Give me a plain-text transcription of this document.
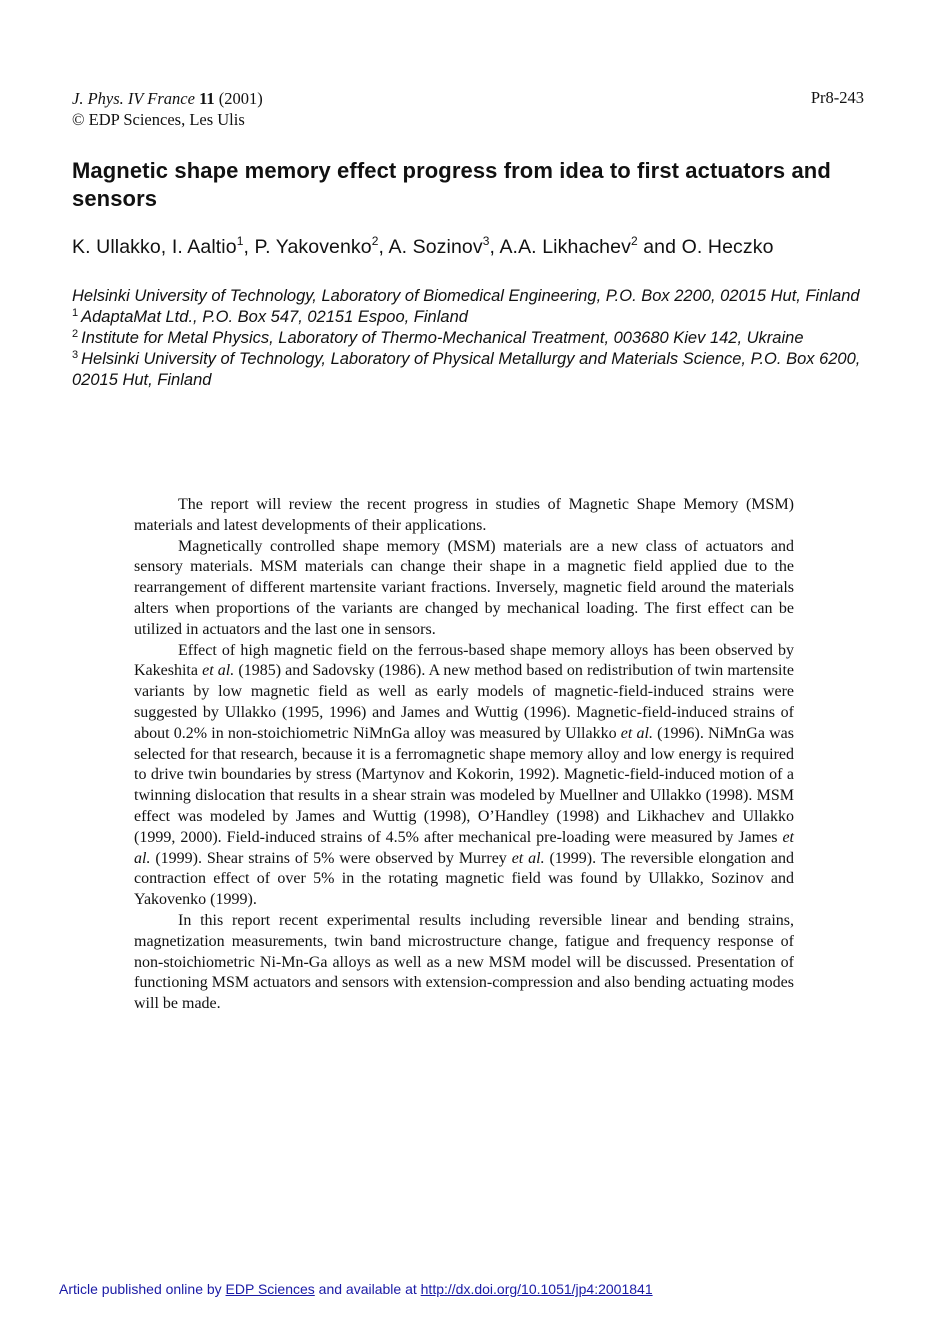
J. Phys. IV France 11 (2001)
© EDP Sciences, Les Ulis
Pr8-243
Magnetic shape memory effect progress from idea to first actuators and sensors
K. Ullakko, I. Aaltio$^1$, P. Yakovenko$^2$, A. Sozinov$^3$, A.A. Likhachev$^2$ and O. Heczko

Helsinki University of Technology, Laboratory of Biomedical Engineering, P.O. Box 2200, 02015 Hut, Finland

$^1$ AdaptaMat Ltd., P.O. Box 547, 02151 Espoo, Finland

$^2$ Institute for Metal Physics, Laboratory of Thermo-Mechanical Treatment, 003680 Kiev 142, Ukraine

$^3$ Helsinki University of Technology, Laboratory of Physical Metallurgy and Materials Science, P.O. Box 6200, 02015 Hut, Finland

The report will review the recent progress in studies of Magnetic Shape Memory (MSM) materials and latest developments of their applications.

Magnetically controlled shape memory (MSM) materials are a new class of actuators and sensory materials. MSM materials can change their shape in a magnetic field applied due to the rearrangement of different martensite variant fractions. Inversely, magnetic field around the materials alters when proportions of the variants are changed by mechanical loading. The first effect can be utilized in actuators and the last one in sensors.

Effect of high magnetic field on the ferrous-based shape memory alloys has been observed by Kakeshita et al. (1985) and Sadovsky (1986). A new method based on redistribution of twin martensite variants by low magnetic field as well as early models of magnetic-field-induced strains were suggested by Ullakko (1995, 1996) and James and Wuttig (1996). Magnetic-field-induced strains of about 0.2% in non-stoichiometric NiMnGa alloy was measured by Ullakko et al. (1996). NiMnGa was selected for that research, because it is a ferromagnetic shape memory alloy and low energy is required to drive twin boundaries by stress (Martynov and Kokorin, 1992). Magnetic-field-induced motion of a twinning dislocation that results in a shear strain was modeled by Muellner and Ullakko (1998). MSM effect was modeled by James and Wuttig (1998), O’Handley (1998) and Likhachev and Ullakko (1999, 2000). Field-induced strains of 4.5% after mechanical pre-loading were measured by James et al. (1999). Shear strains of 5% were observed by Murrey et al. (1999). The reversible elongation and contraction effect of over 5% in the rotating magnetic field was found by Ullakko, Sozinov and Yakovenko (1999).

In this report recent experimental results including reversible linear and bending strains, magnetization measurements, twin band microstructure change, fatigue and frequency response of non-stoichiometric Ni-Mn-Ga alloys as well as a new MSM model will be discussed. Presentation of functioning MSM actuators and sensors with extension-compression and also bending actuating modes will be made.

Article published online by EDP Sciences and available at http://dx.doi.org/10.1051/jp4:2001841
